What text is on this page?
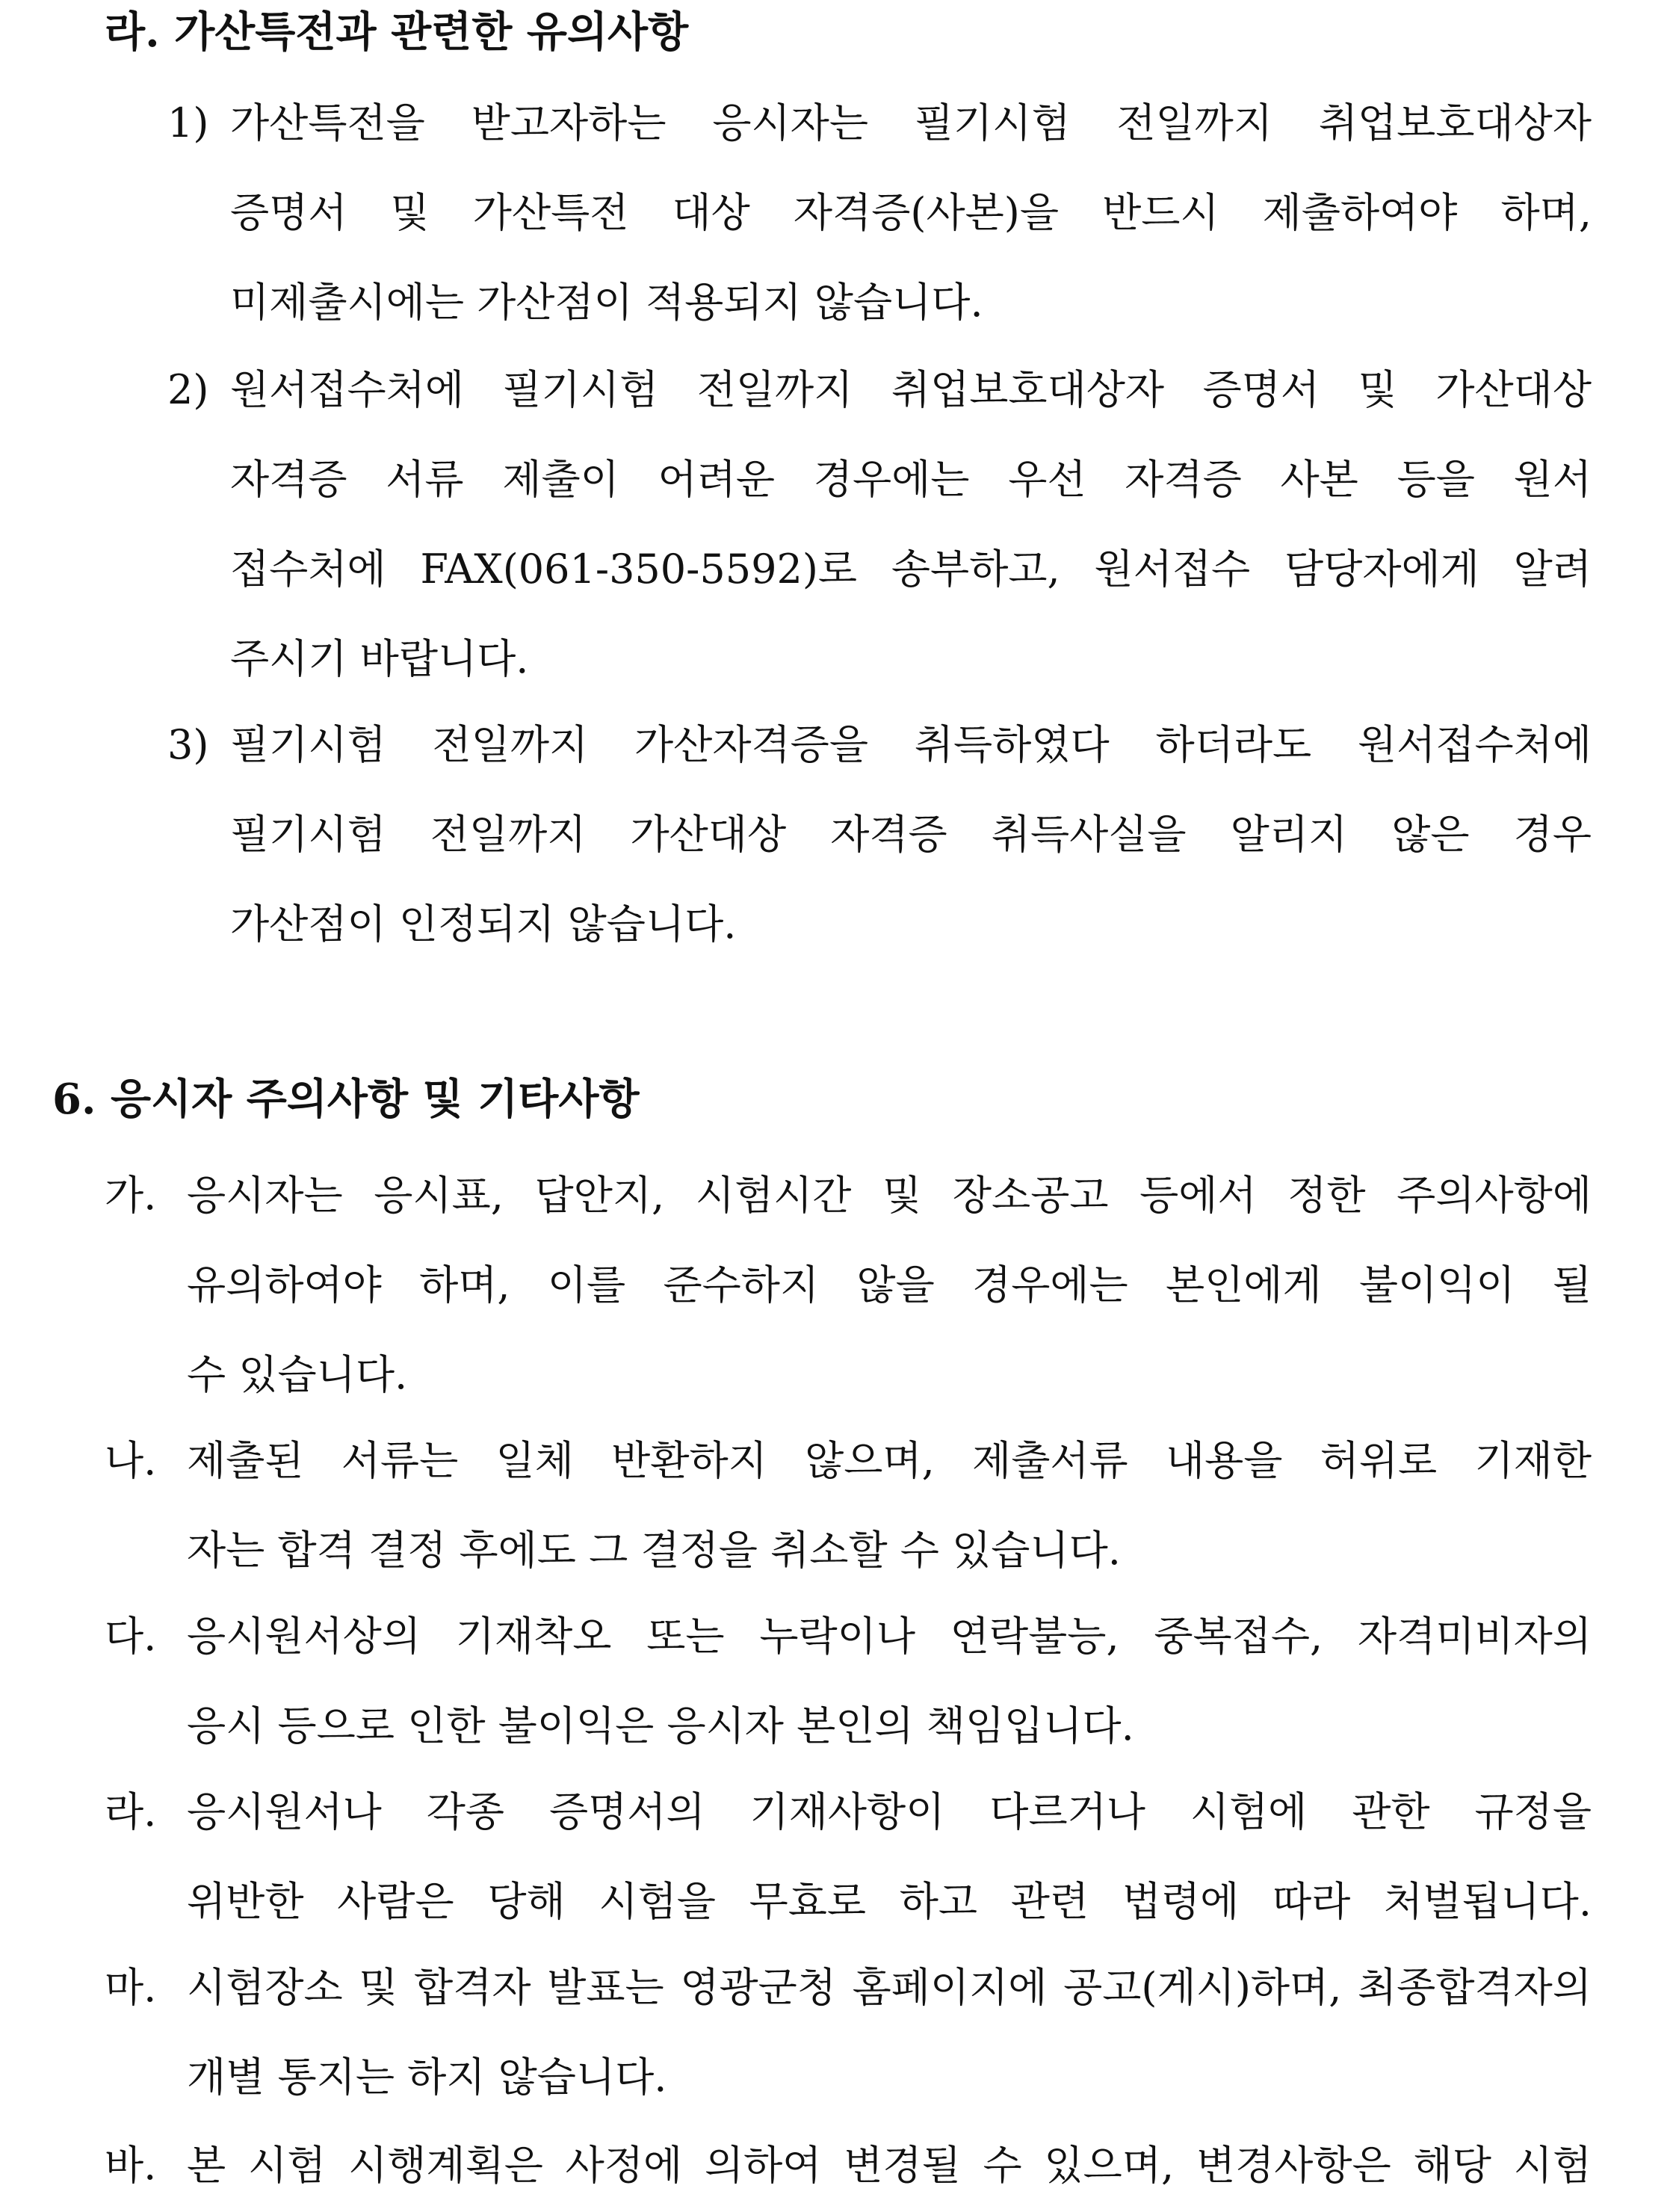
라. 가산특전과 관련한 유의사항
1) 가산특전을 받고자하는 응시자는 필기시험 전일까지 취업보호대상자
증명서 및 가산특전 대상 자격증(사본)을 반드시 제출하여야 하며,
미제출시에는 가산점이 적용되지 않습니다.
2) 원서접수처에 필기시험 전일까지 취업보호대상자 증명서 및 가산대상
자격증 서류 제출이 어려운 경우에는 우선 자격증 사본 등을 원서
접수처에 FAX(061-350-5592)로 송부하고, 원서접수 담당자에게 알려
주시기 바랍니다.
3) 필기시험 전일까지 가산자격증을 취득하였다 하더라도 원서접수처에
필기시험 전일까지 가산대상 자격증 취득사실을 알리지 않은 경우
가산점이 인정되지 않습니다.
6. 응시자 주의사항 및 기타사항
가. 응시자는 응시표, 답안지, 시험시간 및 장소공고 등에서 정한 주의사항에
유의하여야 하며, 이를 준수하지 않을 경우에는 본인에게 불이익이 될
수 있습니다.
나. 제출된 서류는 일체 반환하지 않으며, 제출서류 내용을 허위로 기재한
자는 합격 결정 후에도 그 결정을 취소할 수 있습니다.
다. 응시원서상의 기재착오 또는 누락이나 연락불능, 중복접수, 자격미비자의
응시 등으로 인한 불이익은 응시자 본인의 책임입니다.
라. 응시원서나 각종 증명서의 기재사항이 다르거나 시험에 관한 규정을
위반한 사람은 당해 시험을 무효로 하고 관련 법령에 따라 처벌됩니다.
마. 시험장소 및 합격자 발표는 영광군청 홈페이지에 공고(게시)하며, 최종합격자의
개별 통지는 하지 않습니다.
바. 본 시험 시행계획은 사정에 의하여 변경될 수 있으며, 변경사항은 해당 시험
